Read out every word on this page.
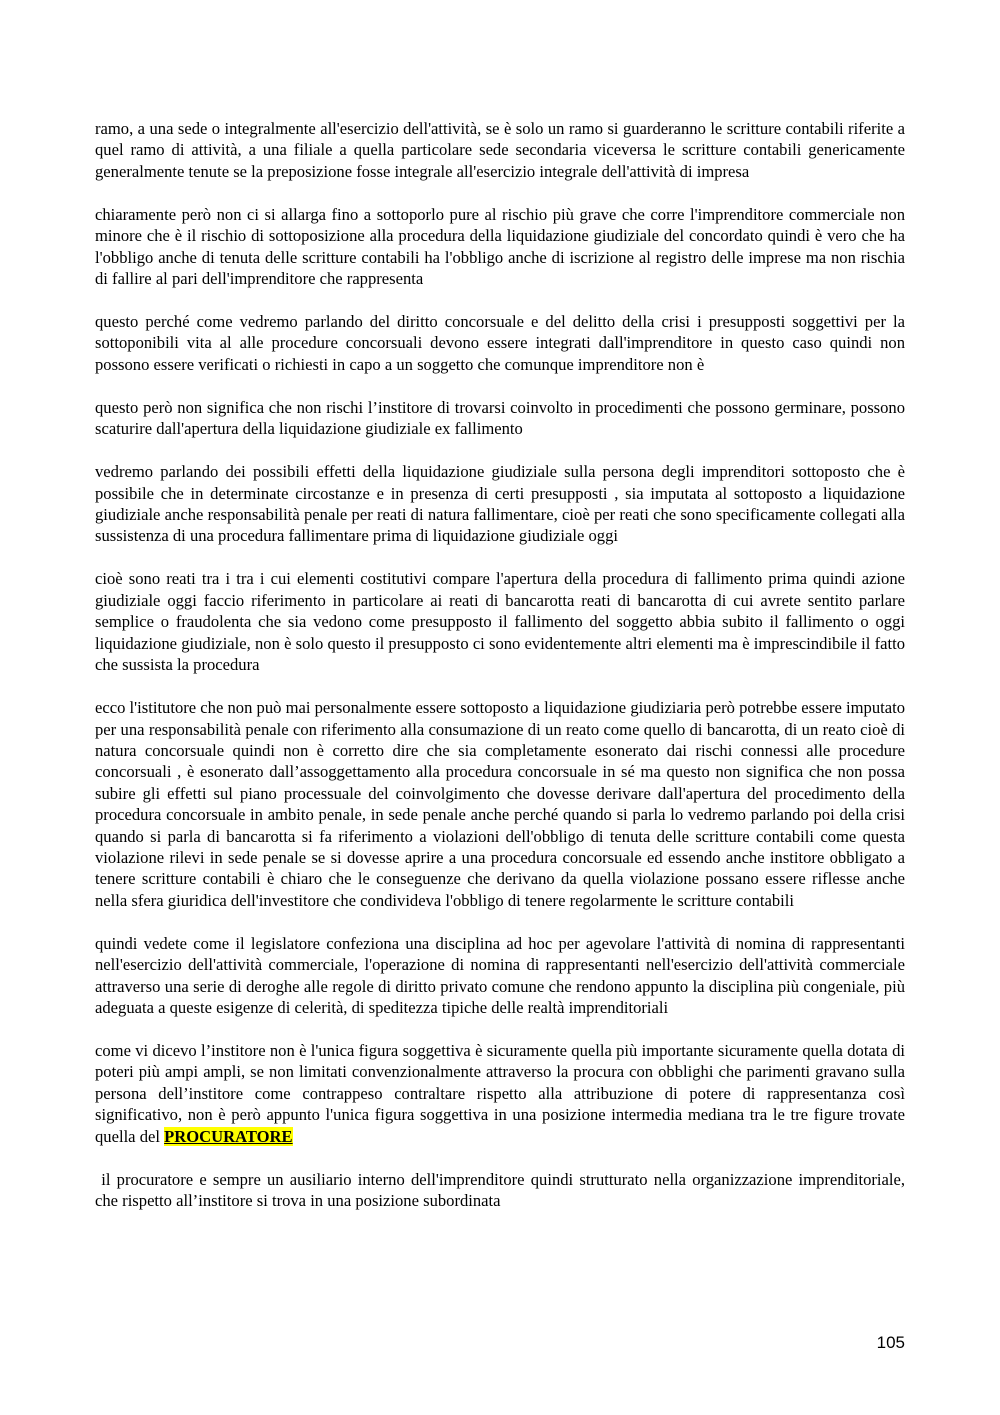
ramo, a una sede o integralmente all'esercizio dell'attività, se è solo un ramo si guarderanno le scritture contabili riferite a quel ramo di attività, a una filiale a quella particolare sede secondaria viceversa le scritture contabili genericamente generalmente tenute se la preposizione fosse integrale all'esercizio integrale dell'attività di impresa

chiaramente però non ci si allarga fino a sottoporlo pure al rischio più grave che corre l'imprenditore commerciale non minore che è il rischio di sottoposizione alla procedura della liquidazione giudiziale del concordato quindi è vero che ha l'obbligo anche di tenuta delle scritture contabili ha l'obbligo anche di iscrizione al registro delle imprese ma non rischia di fallire al pari dell'imprenditore che rappresenta

questo perché come vedremo parlando del diritto concorsuale e del delitto della crisi i presupposti soggettivi per la sottoponibili vita al alle procedure concorsuali devono essere integrati dall'imprenditore in questo caso quindi non possono essere verificati o richiesti in capo a un soggetto che comunque imprenditore non è

questo però non significa che non rischi l’institore di trovarsi coinvolto in procedimenti che possono germinare, possono scaturire dall'apertura della liquidazione giudiziale ex fallimento

vedremo parlando dei possibili effetti della liquidazione giudiziale sulla persona degli imprenditori sottoposto che è possibile che in determinate circostanze e in presenza di certi presupposti , sia imputata al sottoposto a liquidazione giudiziale anche responsabilità penale per reati di natura fallimentare, cioè per reati che sono specificamente collegati alla sussistenza di una procedura fallimentare prima di liquidazione giudiziale oggi

cioè sono reati tra i tra i cui elementi costitutivi compare l'apertura della procedura di fallimento prima quindi azione giudiziale oggi faccio riferimento in particolare ai reati di bancarotta reati di bancarotta di cui avrete sentito parlare semplice o fraudolenta che sia vedono come presupposto il fallimento del soggetto abbia subito il fallimento o oggi liquidazione giudiziale, non è solo questo il presupposto ci sono evidentemente altri elementi ma è imprescindibile il fatto che sussista la procedura

ecco l'istitutore che non può mai personalmente essere sottoposto a liquidazione giudiziaria però potrebbe essere imputato per una responsabilità penale con riferimento alla consumazione di un reato come quello di bancarotta, di un reato cioè di natura concorsuale quindi non è corretto dire che sia completamente esonerato dai rischi connessi alle procedure concorsuali , è esonerato dall’assoggettamento alla procedura concorsuale in sé ma questo non significa che non possa subire gli effetti sul piano processuale del coinvolgimento che dovesse derivare dall'apertura del procedimento della procedura concorsuale in ambito penale, in sede penale anche perché quando si parla lo vedremo parlando poi della crisi quando si parla di bancarotta si fa riferimento a violazioni dell'obbligo di tenuta delle scritture contabili come questa violazione rilevi in sede penale se si dovesse aprire a una procedura concorsuale ed essendo anche institore obbligato a tenere scritture contabili è chiaro che le conseguenze che derivano da quella violazione possano essere riflesse anche nella sfera giuridica dell'investitore che condivideva l'obbligo di tenere regolarmente le scritture contabili

quindi vedete come il legislatore confeziona una disciplina ad hoc per agevolare l'attività di nomina di rappresentanti nell'esercizio dell'attività commerciale, l'operazione di nomina di rappresentanti nell'esercizio dell'attività commerciale attraverso una serie di deroghe alle regole di diritto privato comune che rendono appunto la disciplina più congeniale, più adeguata a queste esigenze di celerità, di speditezza tipiche delle realtà imprenditoriali

come vi dicevo l’institore non è l'unica figura soggettiva è sicuramente quella più importante sicuramente quella dotata di poteri più ampi ampli, se non limitati convenzionalmente attraverso la procura con obblighi che parimenti gravano sulla persona dell’institore come contrappeso contraltare rispetto alla attribuzione di potere di rappresentanza così significativo, non è però appunto l'unica figura soggettiva in una posizione intermedia mediana tra le tre figure trovate quella del PROCURATORE

il procuratore e sempre un ausiliario interno dell'imprenditore quindi strutturato nella organizzazione imprenditoriale, che rispetto all’institore si trova in una posizione subordinata

105
